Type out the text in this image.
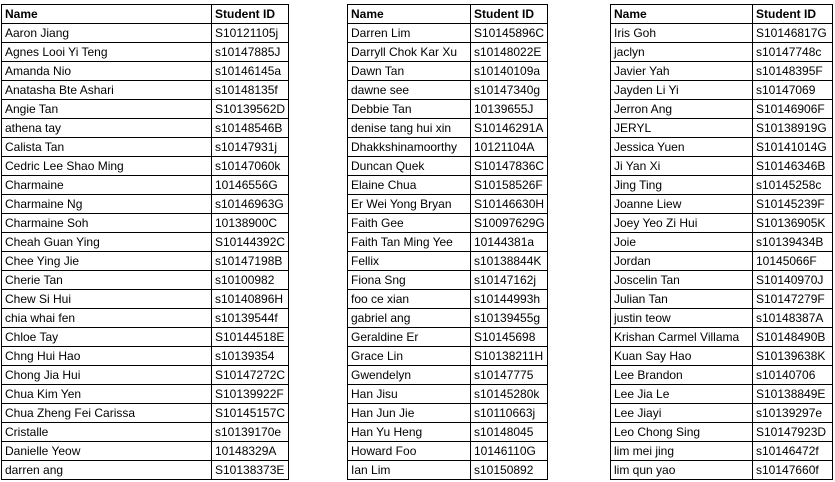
Name	Student ID
Aaron Jiang	S10121105j
Agnes Looi Yi Teng	s10147885J
Amanda Nio	s10146145a
Anatasha Bte Ashari	s10148135f
Angie Tan	S10139562D
athena tay	s10148546B
Calista Tan	s10147931j
Cedric Lee Shao Ming	s10147060k
Charmaine	10146556G
Charmaine Ng	s10146963G
Charmaine Soh	10138900C
Cheah Guan Ying	S10144392C
Chee Ying Jie	s10147198B
Cherie Tan	s10100982
Chew Si Hui	s10140896H
chia whai fen	s10139544f
Chloe Tay	S10144518E
Chng Hui Hao	s10139354
Chong Jia Hui	S10147272C
Chua Kim Yen	S10139922F
Chua Zheng Fei Carissa	S10145157C
Cristalle	s10139170e
Danielle Yeow	10148329A
darren ang	S10138373E
Name	Student ID
Darren Lim	S10145896C
Darryll Chok Kar Xu	s10148022E
Dawn Tan	s10140109a
dawne see	s10147340g
Debbie Tan	10139655J
denise tang hui xin	S10146291A
Dhakkshinamoorthy	10121104A
Duncan Quek	S10147836C
Elaine Chua	S10158526F
Er Wei Yong Bryan	S10146630H
Faith Gee	S10097629G
Faith Tan Ming Yee	10144381a
Fellix	s10138844K
Fiona Sng	s10147162j
foo ce xian	s10144993h
gabriel ang	s10139455g
Geraldine Er	S10145698
Grace Lin	S10138211H
Gwendelyn	s10147775
Han Jisu	s10145280k
Han Jun Jie	s10110663j
Han Yu Heng	s10148045
Howard Foo	10146110G
Ian Lim	s10150892
Name	Student ID
Iris Goh	S10146817G
jaclyn	s10147748c
Javier Yah	s10148395F
Jayden Li Yi	s10147069
Jerron Ang	S10146906F
JERYL	S10138919G
Jessica Yuen	S10141014G
Ji Yan Xi	S10146346B
Jing Ting	s10145258c
Joanne Liew	S10145239F
Joey Yeo Zi Hui	S10136905K
Joie	s10139434B
Jordan	10145066F
Joscelin Tan	S10140970J
Julian Tan	S10147279F
justin teow	s10148387A
Krishan Carmel Villama	S10148490B
Kuan Say Hao	S10139638K
Lee Brandon	s10140706
Lee Jia Le	S10138849E
Lee Jiayi	s10139297e
Leo Chong Sing	S10147923D
lim mei jing	s10146472f
lim qun yao	s10147660f
